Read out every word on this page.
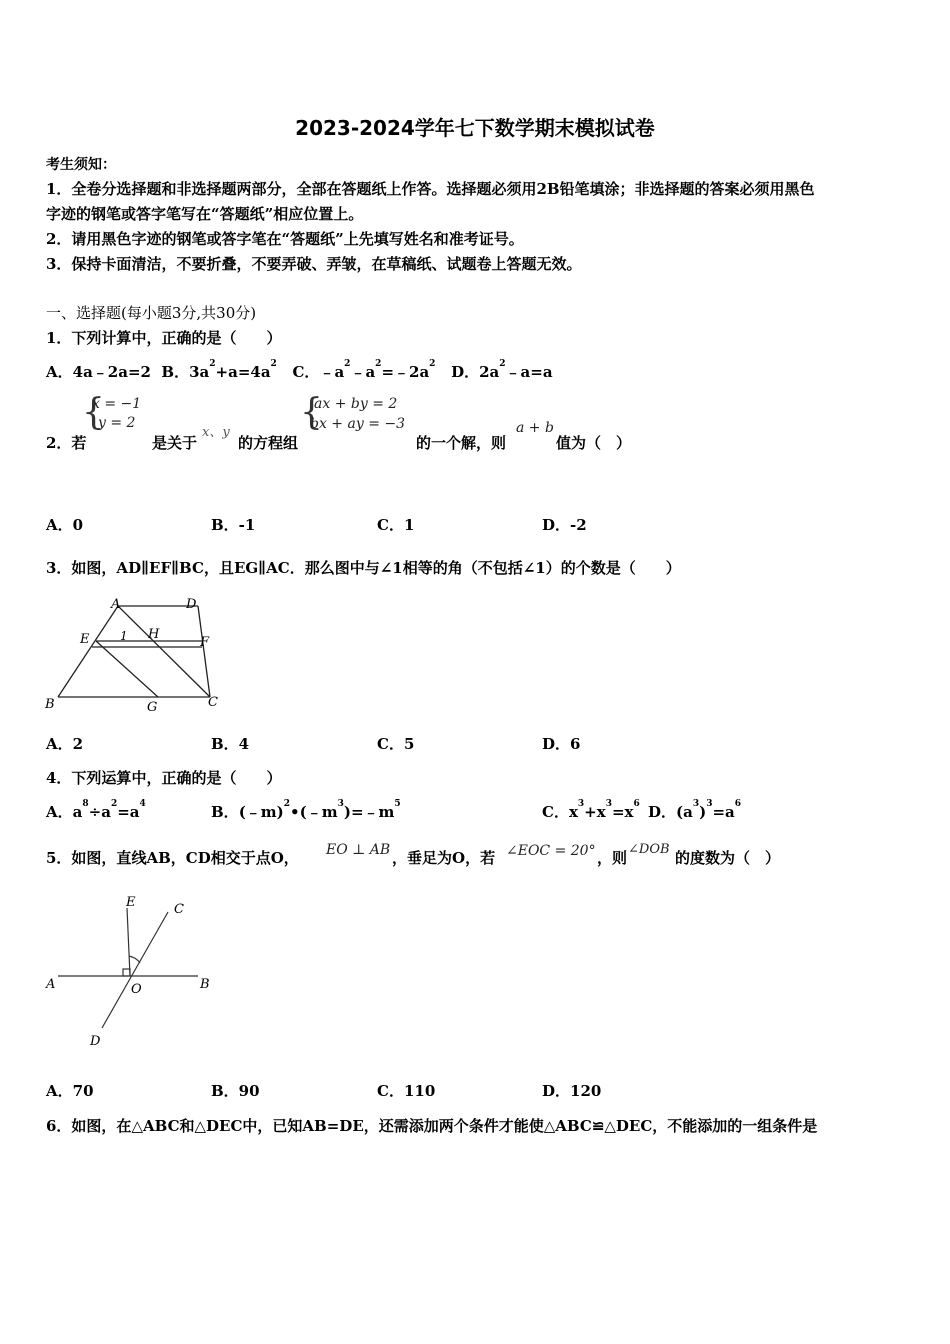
2023-2024学年七下数学期末模拟试卷
考生须知：
1．全卷分选择题和非选择题两部分，全部在答题纸上作答。选择题必须用2B铅笔填涂；非选择题的答案必须用黑色
字迹的钢笔或答字笔写在“答题纸”相应位置上。
2．请用黑色字迹的钢笔或答字笔在“答题纸”上先填写姓名和准考证号。
3．保持卡面清洁，不要折叠，不要弄破、弄皱，在草稿纸、试题卷上答题无效。
一、选择题(每小题3分,共30分)
1．下列计算中，正确的是（　　）
A．4a﹣2a=2 B．$3a^2+a=4a^2$ C．$﹣a^2﹣a^2=﹣2a^2$ D．$2a^2﹣a=a$
{
x = −1
y = 2
x、y {
ax + by = 2
bx + ay = −3	a + b
2．若	是关于	的方程组	的一个解，则	值为（　）
A．0	B．-1	C．1	D．-2
3．如图，AD∥EF∥BC，且EG∥AC．那么图中与∠1相等的角（不包括∠1）的个数是（　　）
A	D
E	1 H
F
B	G	C
A．2	B．4	C．5	D．6
4．下列运算中，正确的是（　　）
A．$a^8\div a^2=a^4$	B．$(﹣m)^2•(﹣m^3)=﹣m^5$	C．$x^3+x^3=x^6$ D．$(a^3)^3=a^6$
5．如图，直线AB，CD相交于点O， EO ⊥ AB ，垂足为O，若 ∠EOC = 20° ，则 ∠DOB 的度数为（　）
E	C
A	O	B
D
A．70	B．90	C．110	D．120
6．如图，在△ABC和△DEC中，已知AB=DE，还需添加两个条件才能使△ABC≌△DEC，不能添加的一组条件是
